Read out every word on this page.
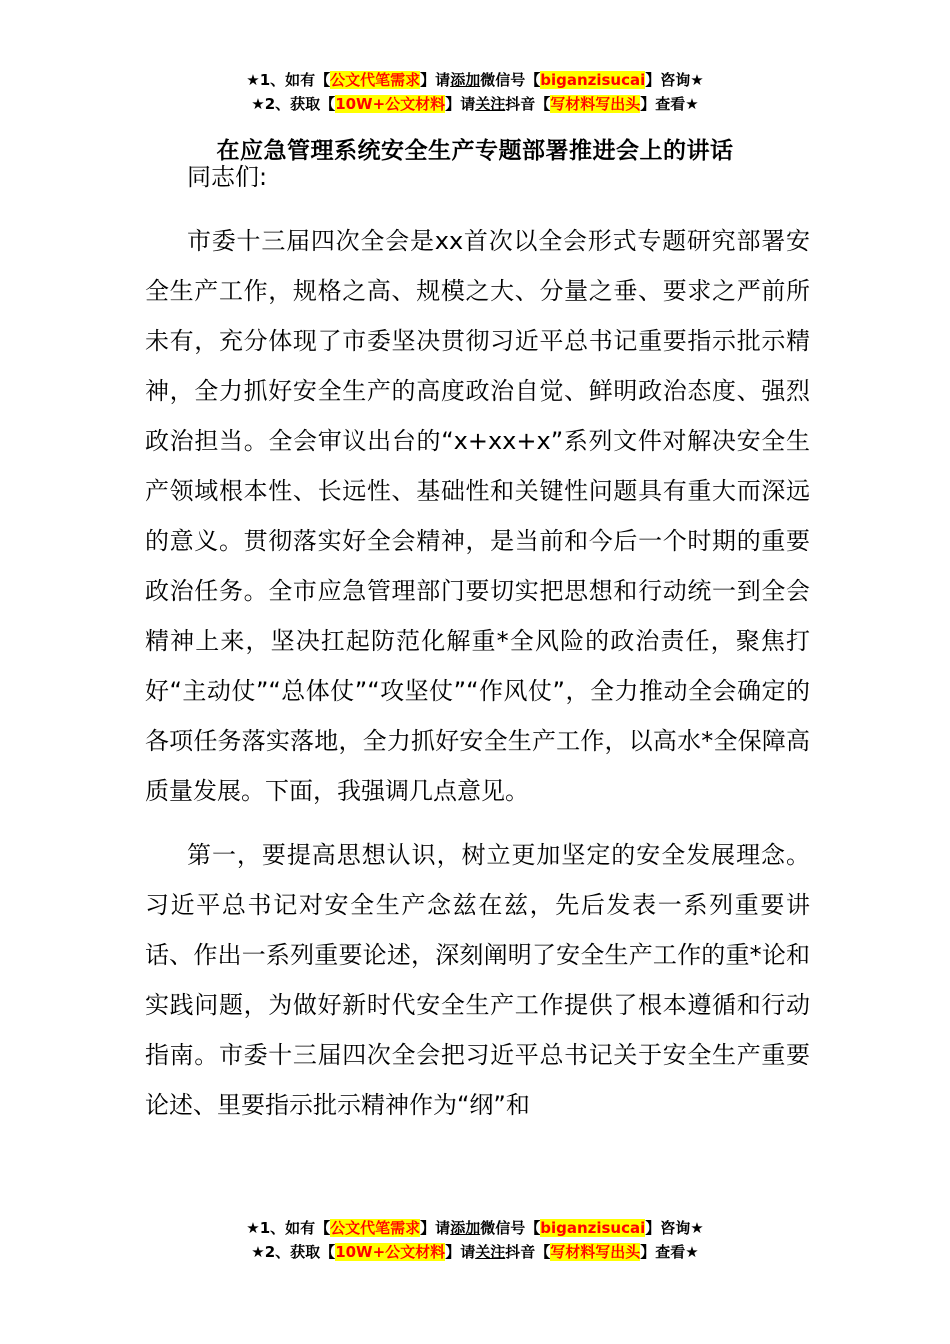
★1、如有【公文代笔需求】请添加微信号【biganzisucai】咨询★
★2、获取【10W+公文材料】请关注抖音【写材料写出头】查看★
在应急管理系统安全生产专题部署推进会上的讲话

同志们:

市委十三届四次全会是xx首次以全会形式专题研究部署安全生产工作，规格之高、规模之大、分量之垂、要求之严前所未有，充分体现了市委坚决贯彻习近平总书记重要指示批示精神，全力抓好安全生产的高度政治自觉、鲜明政治态度、强烈政治担当。全会审议出台的“x+xx+x”系列文件对解决安全生产领域根本性、长远性、基础性和关键性问题具有重大而深远的意义。贯彻落实好全会精神，是当前和今后一个时期的重要政治任务。全市应急管理部门要切实把思想和行动统一到全会精神上来，坚决扛起防范化解重*全风险的政治责任，聚焦打好“主动仗”“总体仗”“攻坚仗”“作风仗”，全力推动全会确定的各项任务落实落地，全力抓好安全生产工作，以高水*全保障高质量发展。下面，我强调几点意见。

第一，要提高思想认识，树立更加坚定的安全发展理念。习近平总书记对安全生产念兹在兹，先后发表一系列重要讲话、作出一系列重要论述，深刻阐明了安全生产工作的重*论和实践问题，为做好新时代安全生产工作提供了根本遵循和行动指南。市委十三届四次全会把习近平总书记关于安全生产重要论述、里要指示批示精神作为“纲”和

★1、如有【公文代笔需求】请添加微信号【biganzisucai】咨询★
★2、获取【10W+公文材料】请关注抖音【写材料写出头】查看★
